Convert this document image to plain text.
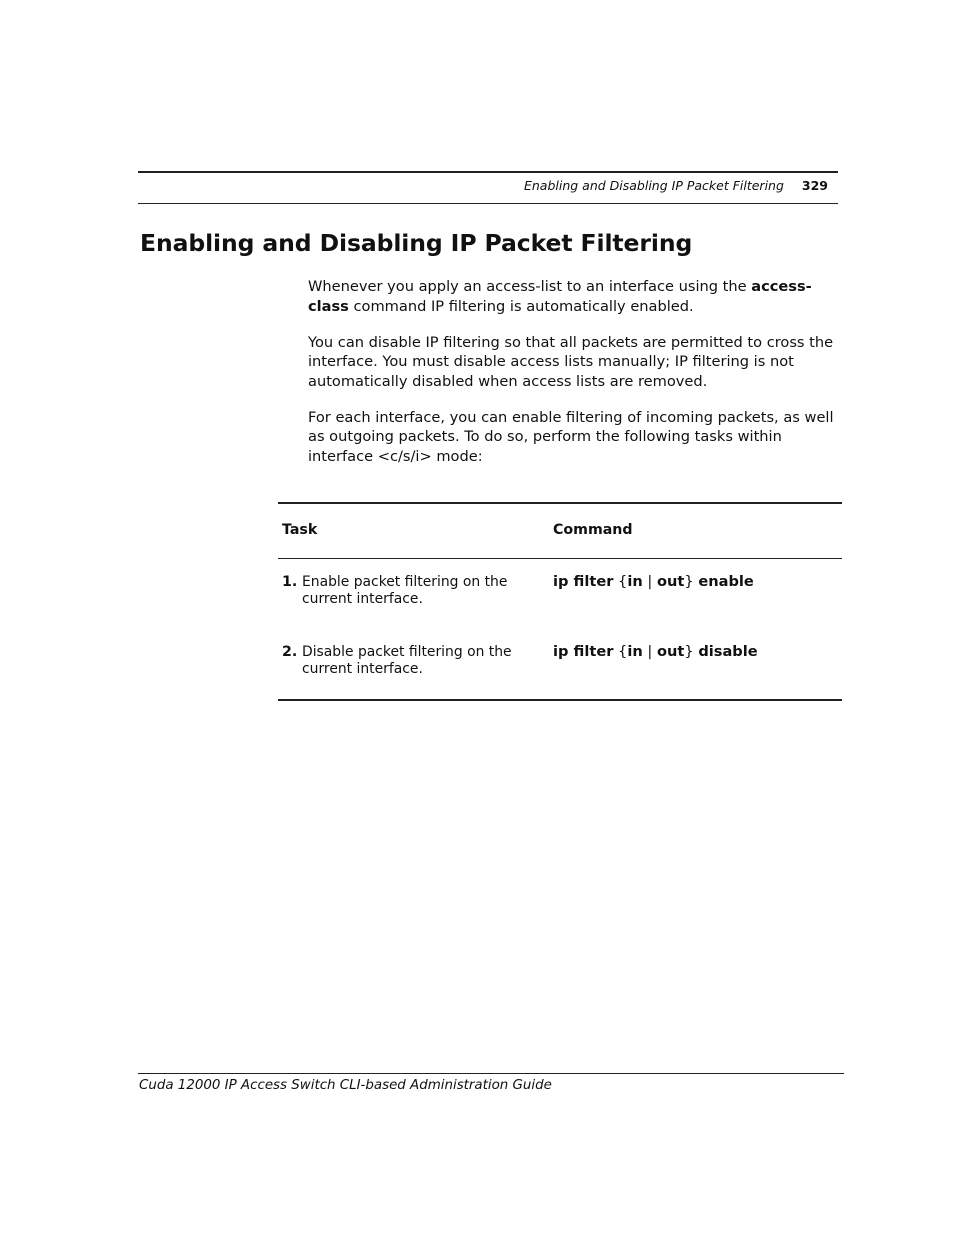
Enabling and Disabling IP Packet Filtering 329
Enabling and Disabling IP Packet Filtering

Whenever you apply an access-list to an interface using the access-class command IP filtering is automatically enabled.

You can disable IP filtering so that all packets are permitted to cross the interface. You must disable access lists manually; IP filtering is not automatically disabled when access lists are removed.

For each interface, you can enable filtering of incoming packets, as well as outgoing packets. To do so, perform the following tasks within interface <c/s/i> mode:

Task	Command
1. Enable packet filtering on the current interface.
ip filter {in | out} enable
2. Disable packet filtering on the current interface.
ip filter {in | out} disable
Cuda 12000 IP Access Switch CLI-based Administration Guide
